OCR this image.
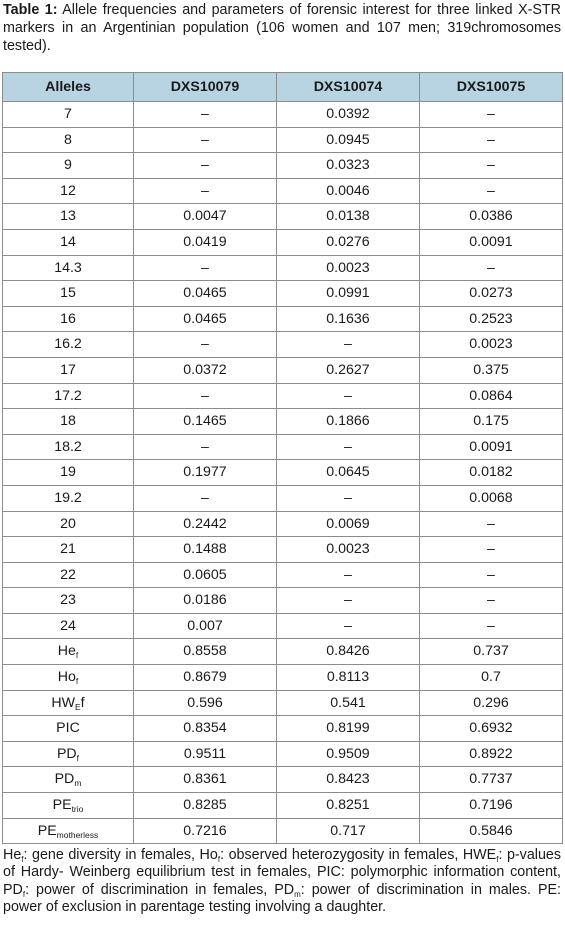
Table 1: Allele frequencies and parameters of forensic interest for three linked X-STR markers in an Argentinian population (106 women and 107 men; 319chromosomes tested).
Alleles	DXS10079	DXS10074	DXS10075
7	–	0.0392	–
8	–	0.0945	–
9	–	0.0323	–
12	–	0.0046	–
13	0.0047	0.0138	0.0386
14	0.0419	0.0276	0.0091
14.3	–	0.0023	–
15	0.0465	0.0991	0.0273
16	0.0465	0.1636	0.2523
16.2	–	–	0.0023
17	0.0372	0.2627	0.375
17.2	–	–	0.0864
18	0.1465	0.1866	0.175
18.2	–	–	0.0091
19	0.1977	0.0645	0.0182
19.2	–	–	0.0068
20	0.2442	0.0069	–
21	0.1488	0.0023	–
22	0.0605	–	–
23	0.0186	–	–
24	0.007	–	–
$He_f$	0.8558	0.8426	0.737
$Ho_f$	0.8679	0.8113	0.7
$HW_Ef$	0.596	0.541	0.296
PIC	0.8354	0.8199	0.6932
$PD_f$	0.9511	0.9509	0.8922
$PD_m$	0.8361	0.8423	0.7737
$PE_{trio}$	0.8285	0.8251	0.7196
$PE_{motherless}$	0.7216	0.717	0.5846
$He_f$: gene diversity in females, $Ho_f$: observed heterozygosity in females, $HWE_f$: p-values of Hardy- Weinberg equilibrium test in females, PIC: polymorphic information content, $PD_f$: power of discrimination in females, $PD_m$: power of discrimination in males. PE: power of exclusion in parentage testing involving a daughter.
